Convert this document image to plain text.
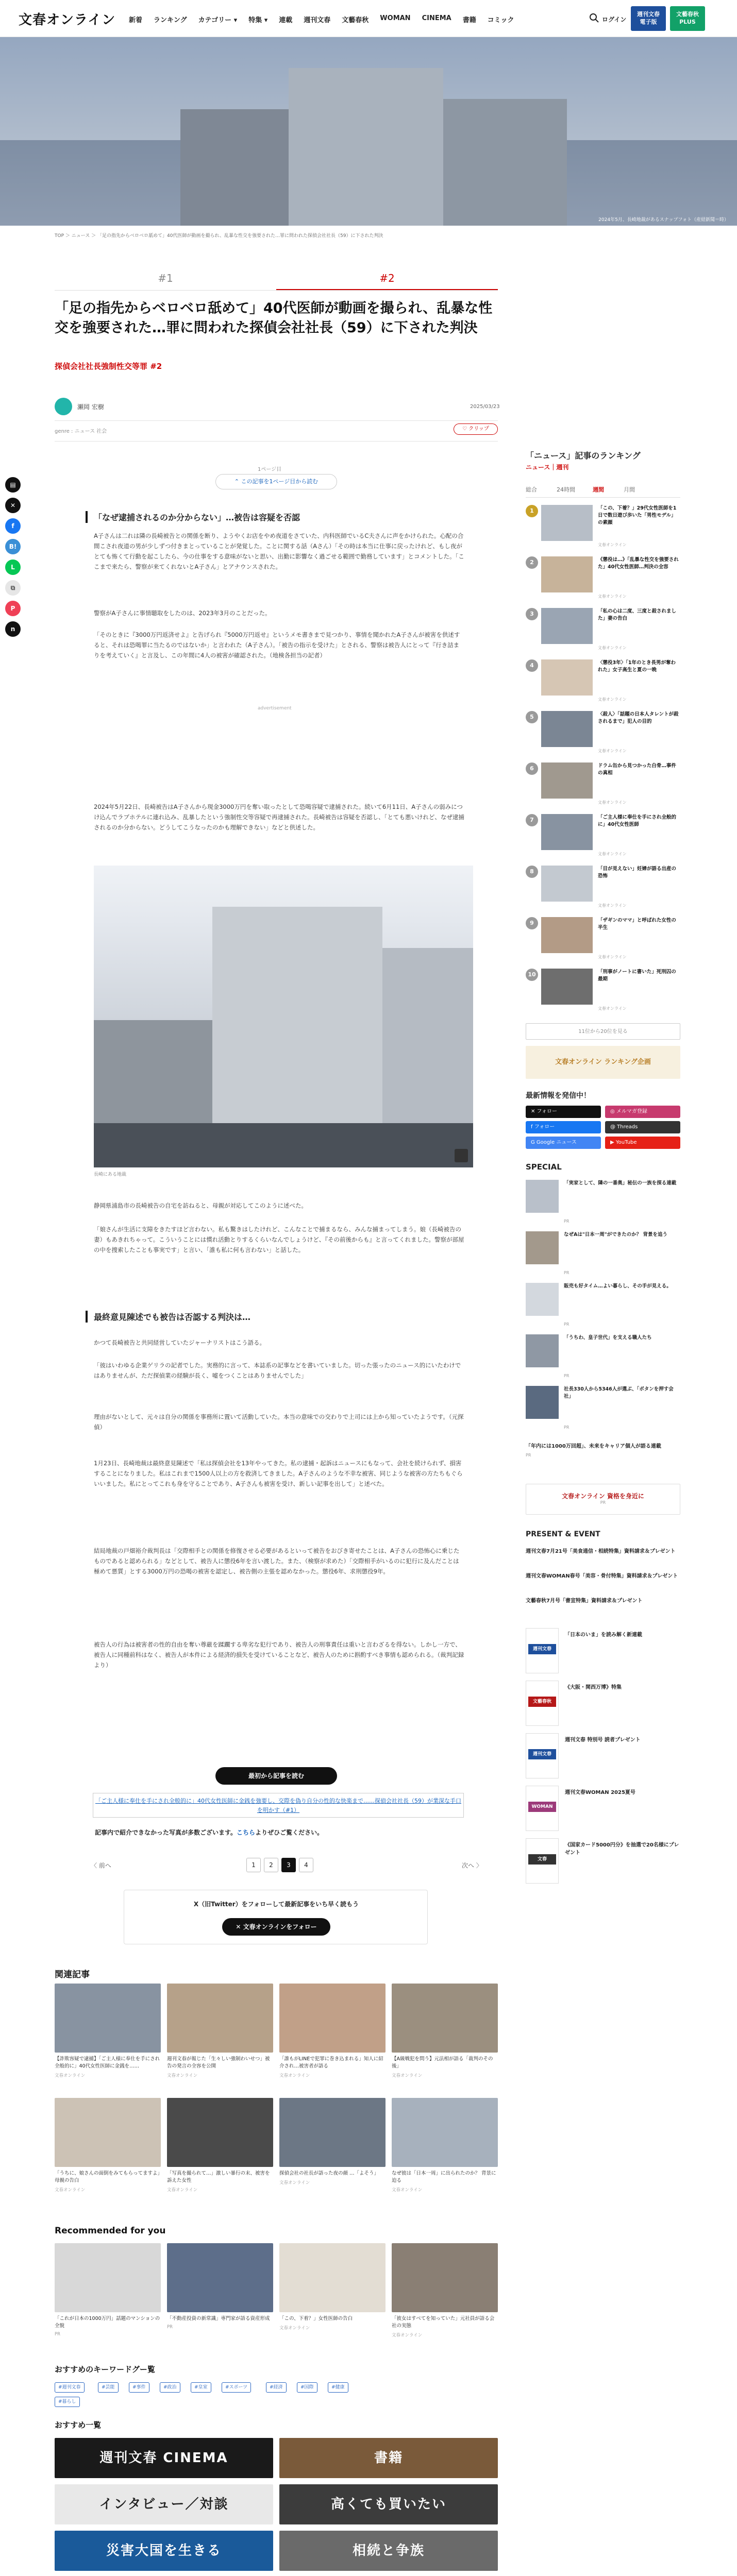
文春オンライン 新着 ランキング カテゴリー ▾ 特集 ▾ 連載 週刊文春 文藝春秋 WOMAN CINEMA 書籍 コミック	ログイン
週刊文春
電子版
文藝春秋
PLUS
2024年5月、長崎地裁があるスナップフォト（産経新聞＝時）
TOP ＞ ニュース ＞ 「足の指先からベロベロ舐めて」40代医師が動画を撮られ、乱暴な性交を強要された…罪に問われた探偵会社社長（59）に下された判決
#1	#2
「足の指先からベロベロ舐めて」40代医師が動画を撮られ、乱暴な性交を強要された…罪に問われた探偵会社社長（59）に下された判決
探偵会社社長強制性交等罪 #2
瀬岡 宏樹	2025/03/23
genre : ニュース 社会	♡ クリップ
▤
✕
f
B!
L
⧉
P
n
1ページ目
⌃ この記事を1ページ目から読む
「なぜ逮捕されるのか分からない」…被告は容疑を否認
A子さんは二れは隣の長崎被告との関係を断り、ようやくお店をやめ夜道をさていた、内科医師でいるC夫さんに声をかけられた。心配の合間こされ夜道の男が少しずつ付きまとっていることが発覚した。ことに関する話（Aさん）「その時は本当に仕事に戻ったけれど、もし夜がとても怖くて行動を起こしたら、今の仕事をする意味がないと思い、出勤に影響なく過ごせる範囲で勤務しています」とコメントした。「ここまで来たら、警察が来てくれないとA子さん」とアナウンスされた。
警察がA子さんに事情聴取をしたのは、2023年3月のことだった。
「そのときに『3000万円返済せよ』と告げられ『5000万円返せ』というメモ書きまで見つかり、事情を聞かれたA子さんが被害を供述すると、それは恐喝罪に当たるのではないか」と言われた（A子さん）。「被告の指示を受けた」とされる、警察は被告人にとって『行き詰まりを考えていく』と言及し、この年間に4人の被害が確認された。（地検各担当の記者）
advertisement
2024年5月22日、長崎被告はA子さんから現金3000万円を奪い取ったとして恐喝容疑で逮捕された。続いて6月11日、A子さんの弱みにつけ込んでラブホテルに連れ込み、乱暴したという強制性交等容疑で再逮捕された。長崎被告は容疑を否認し、「とても悪いけれど、なぜ逮捕されるのか分からない。どうしてこうなったのかも理解できない」などと供述した。
長崎にある地裁
静岡県浦島市の長崎被告の自宅を訪ねると、母親が対応してこのように述べた。
「娘さんが生活に支障をきたすほど言わない。私も驚きはしたけれど、こんなことで捕まるなら、みんな捕まってしまう。娘（長崎被告の妻）もあきれちゃって。こういうことには慣れ活動とりするくらいなんでしょうけど、『その前後からも』と言ってくれました。警察が部屋の中を捜索したことも事実です」と言い、「誰も私に何も言わない」と話した。
最終意見陳述でも被告は否認する判決は…
かつて長崎被告と共同経営していたジャーナリストはこう語る。
「彼はいわゆる企業ゲリラの記者でした。実務的に言って、本誌系の記事などを書いていました。切った張ったのニュース的にいたわけではありませんが、ただ探偵業の経験が長く、嘘をつくことはありませんでした」
理由がないとして、元々は自分の関係を事務所に置いて活動していた。本当の意味での交わりで上司には上から知っていたようです。（元探偵）
1月23日、長崎地裁は最終意見陳述で「私は探偵会社を13年やってきた。私の逮捕・起訴はニュースにもなって、会社を続けられず、損害することになりました。私はこれまで1500人以上の方を救済してきました。A子さんのような不幸な被害、同じような被害の方たちもぐらいいました。私にとってこれも身を守ることであり、A子さんも被害を受け、新しい記事を出して」と述べた。
結局地裁の戸畑裕介裁判長は「交際相手との関係を修復させる必要があるといって被告をおびき寄せたことは、A子さんの恐怖心に乗じたものであると認められる」などとして、被告人に懲役6年を言い渡した。また、（検察が求めた）「交際相手がいるのに犯行に及んだことは極めて悪質」とする3000万円の恐喝の被害を認定し、被告側の主張を認めなかった。懲役6年、求刑懲役9年。
被告人の行為は被害者の性的自由を奪い尊厳を蹂躙する卑劣な犯行であり、被告人の刑事責任は重いと言わざるを得ない。しかし一方で、被告人に同種前科はなく、被告人が本件による経済的損失を受けていることなど、被告人のために斟酌すべき事情も認められる。（裁判記録より）
最初から記事を読む
「ご主人様に奉仕を手にされ全般的に」40代女性医師に金銭を強要し、交際を偽り自分の性的な快楽まで……探偵会社社長（59）が業深な手口を明かす（#1）
記事内で紹介できなかった写真が多数ございます。こちらよりぜひご覧ください。
〈 前へ	1	2	3	4	次へ 〉
X（旧Twitter）をフォローして最新記事をいち早く読もう
✕ 文春オンラインをフォロー
関連記事
【詐欺容疑で逮捕】「ご主人様に奉仕を手にされ全般的に」40代女性医師に金銭を……
文春オンライン
週刊文春が報じた「生々しい強制わいせつ」被告の発言の全容を公開
文春オンライン
「誰もがLINEで犯罪に巻き込まれる」知人に紹介され…被害者が語る
文春オンライン
【A級戦犯を問う】元法相が語る「裁判のその後」
文春オンライン
「うちに、娘さんの面倒をみてもらってますよ」母親の告白
文春オンライン
「写真を撮られて…」激しい暴行の末、被害を訴えた女性
文春オンライン
探偵会社の社長が語った夜の顔 …「よそう」
文春オンライン
なぜ彼は「日本一周」に出られたのか？ 背景に迫る
文春オンライン
Recommended for you
「これが日本の1000万円」話題のマンションの全貌
PR
「不動産投資の新常識」専門家が語る資産形成
PR
「この、下着？」女性医師の告白
文春オンライン
「彼女はすべてを知っていた」元社員が語る会社の実態
文春オンライン
おすすめのキーワードグー覧
#週刊文春	#芸能	#事件	#政治	#皇室	#スポーツ	#経済	#国際	#健康
#暮らし
おすすめ一覧
週刊文春 CINEMA	書籍
インタビュー／対談	高くても買いたい
災害大国を生きる	相続と争族
「ニュース」記事のランキング
ニュース｜週刊
総合	24時間	週間	月間
1	「この、下着？」29代女性医師を1日で数日遊び歩いた「男性モデル」の素顔
文春オンライン
2	《懲役は…》「乱暴な性交を強要された」40代女性医師…判決の全容
文春オンライン
3	「私の心は二度、三度と殺されました」妻の告白
文春オンライン
4	〈懲役3年〉「1年のとき長男が奪われた」女子高生と夏の一晩
文春オンライン
5	〈殺人〉「話題の日本人タレントが殺されるまで」犯人の目的
文春オンライン
6	ドラム缶から見つかった白骨…事件の真相
文春オンライン
7	「ご主人様に奉仕を手にされ全般的に」40代女性医師
文春オンライン
8	「目が見えない」妊婦が語る出産の恐怖
文春オンライン
9	「ザギンのママ」と呼ばれた女性の半生
文春オンライン
10	「刑事がノートに書いた」死刑囚の最期
文春オンライン
11位から20位を見る
文春オンライン ランキング企画
最新情報を発信中！
✕ フォロー	◎ メルマガ登録
f フォロー	@ Threads
G Google ニュース	▶ YouTube
SPECIAL
「実家として、隣の一番奥」秘伝の一族を探る連載
PR
なぜAは"日本一周"ができたのか？ 背景を追う
PR
販売も好タイム…よい暮らし、その手が見える。
PR
「うちわ、皇子世代」を支える職人たち
PR
社長330人から5346人が選ぶ、「ボタンを押す会社」
PR
「年内には1000万回超」、未来をキャリア個人が語る連載
PR
文春オンライン 資格を身近に
PR
PRESENT & EVENT
週刊文春7月21号「美食通信・相続特集」資料請求＆プレゼント
週刊文春WOMAN春号「美容・骨付特集」資料請求＆プレゼント
文藝春秋7月号「書宣特集」資料請求＆プレゼント
週刊文春
「日本のいま」を読み解く新連載
文藝春秋
《大阪・関西万博》特集
週刊文春
週刊文春 特別号 読者プレゼント
WOMAN
週刊文春WOMAN 2025夏号
文春
《国家カード5000円分》を抽選で20名様にプレゼント
